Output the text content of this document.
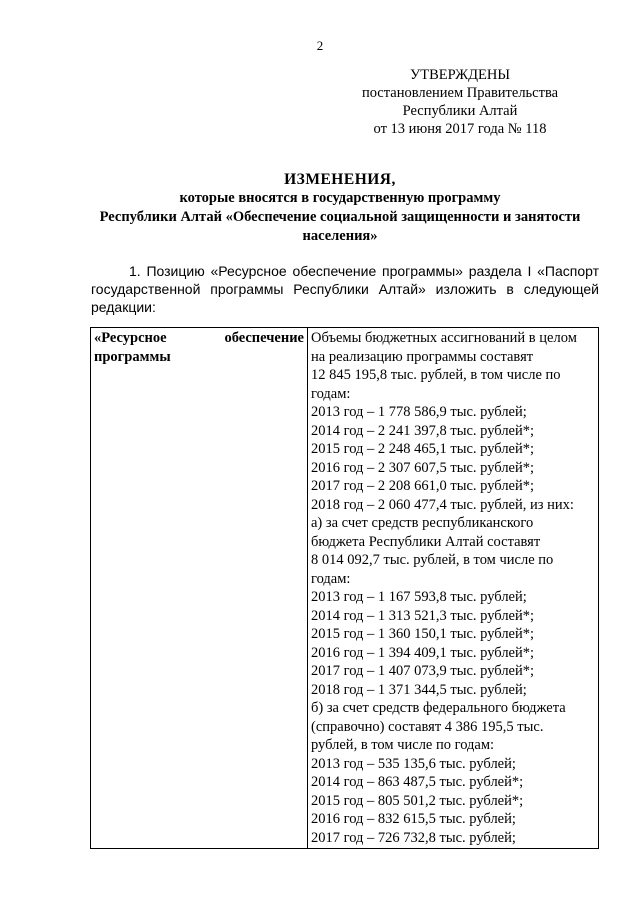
2
УТВЕРЖДЕНЫ
постановлением Правительства
Республики Алтай
от 13 июня 2017 года № 118
ИЗМЕНЕНИЯ,
которые вносятся в государственную программу
Республики Алтай «Обеспечение социальной защищенности и занятости
населения»
1. Позицию «Ресурсное обеспечение программы» раздела I «Паспорт государственной программы Республики Алтай» изложить в следующей редакции:
«Ресурсное	обеспечение
программы

Объемы бюджетных ассигнований в целом
на реализацию программы составят
12 845 195,8 тыс. рублей, в том числе по
годам:
2013 год – 1 778 586,9 тыс. рублей;
2014 год – 2 241 397,8 тыс. рублей*;
2015 год – 2 248 465,1 тыс. рублей*;
2016 год – 2 307 607,5 тыс. рублей*;
2017 год – 2 208 661,0 тыс. рублей*;
2018 год – 2 060 477,4 тыс. рублей, из них:
а) за счет средств республиканского
бюджета Республики Алтай составят
8 014 092,7 тыс. рублей, в том числе по
годам:
2013 год – 1 167 593,8 тыс. рублей;
2014 год – 1 313 521,3 тыс. рублей*;
2015 год – 1 360 150,1 тыс. рублей*;
2016 год – 1 394 409,1 тыс. рублей*;
2017 год – 1 407 073,9 тыс. рублей*;
2018 год – 1 371 344,5 тыс. рублей;
б) за счет средств федерального бюджета
(справочно) составят 4 386 195,5 тыс.
рублей, в том числе по годам:
2013 год – 535 135,6 тыс. рублей;
2014 год – 863 487,5 тыс. рублей*;
2015 год – 805 501,2 тыс. рублей*;
2016 год – 832 615,5 тыс. рублей;
2017 год – 726 732,8 тыс. рублей;
